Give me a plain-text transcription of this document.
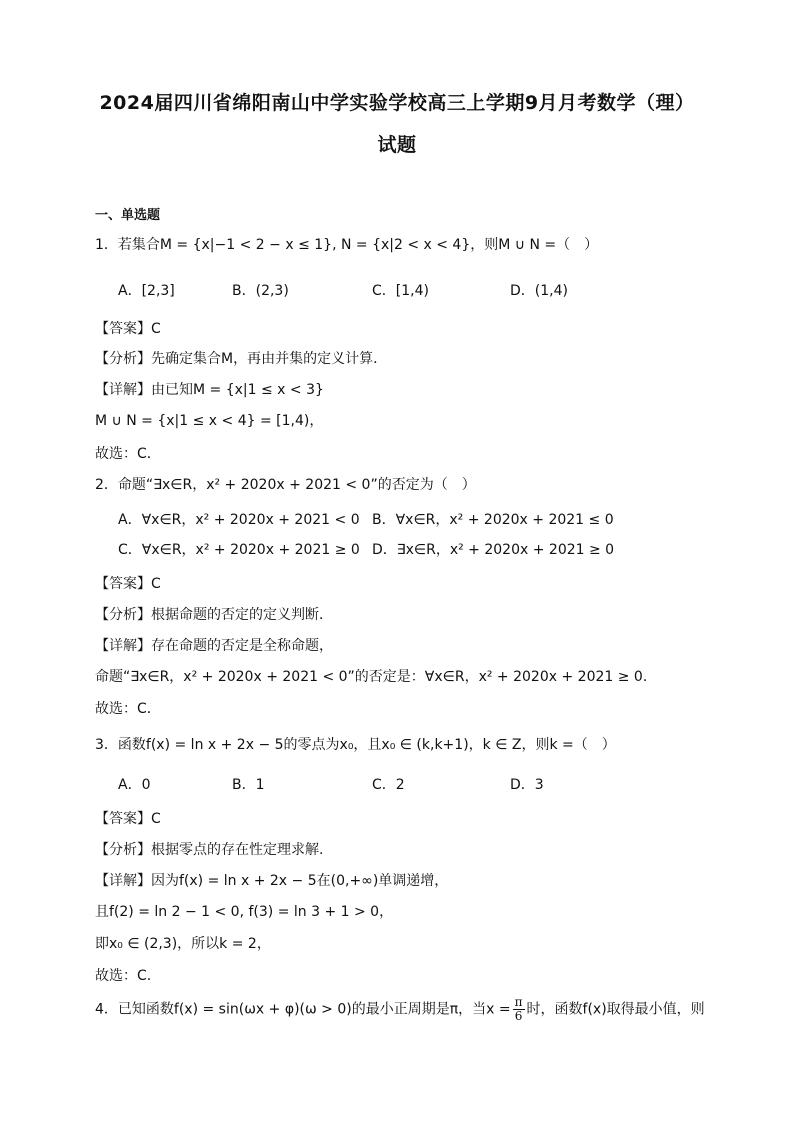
2024届四川省绵阳南山中学实验学校高三上学期9月月考数学（理）
试题
一、单选题
1．若集合M = {x|−1 < 2 − x ≤ 1}, N = {x|2 < x < 4}，则M ∪ N =（　）
A．[2,3]	B．(2,3)	C．[1,4)	D．(1,4)
【答案】C
【分析】先确定集合M，再由并集的定义计算．
【详解】由已知M = {x|1 ≤ x < 3}
M ∪ N = {x|1 ≤ x < 4} = [1,4)，
故选：C．
2．命题“∃x∈R，x² + 2020x + 2021 < 0”的否定为（　）
A．∀x∈R，x² + 2020x + 2021 < 0 B．∀x∈R，x² + 2020x + 2021 ≤ 0
C．∀x∈R，x² + 2020x + 2021 ≥ 0 D．∃x∈R，x² + 2020x + 2021 ≥ 0
【答案】C
【分析】根据命题的否定的定义判断．
【详解】存在命题的否定是全称命题，
命题“∃x∈R，x² + 2020x + 2021 < 0”的否定是：∀x∈R，x² + 2020x + 2021 ≥ 0．
故选：C．
3．函数f(x) = ln x + 2x − 5的零点为x₀，且x₀ ∈ (k,k+1)，k ∈ Z，则k =（　）
A．0	B．1	C．2	D．3
【答案】C
【分析】根据零点的存在性定理求解.
【详解】因为f(x) = ln x + 2x − 5在(0,+∞)单调递增，
且f(2) = ln 2 − 1 < 0, f(3) = ln 3 + 1 > 0，
即x₀ ∈ (2,3)，所以k = 2，
故选：C.
4．已知函数f(x) = sin(ωx + φ)(ω > 0)的最小正周期是π，当$x = \frac{\pi}{6}$ 时，函数f(x)取得最小值，则
